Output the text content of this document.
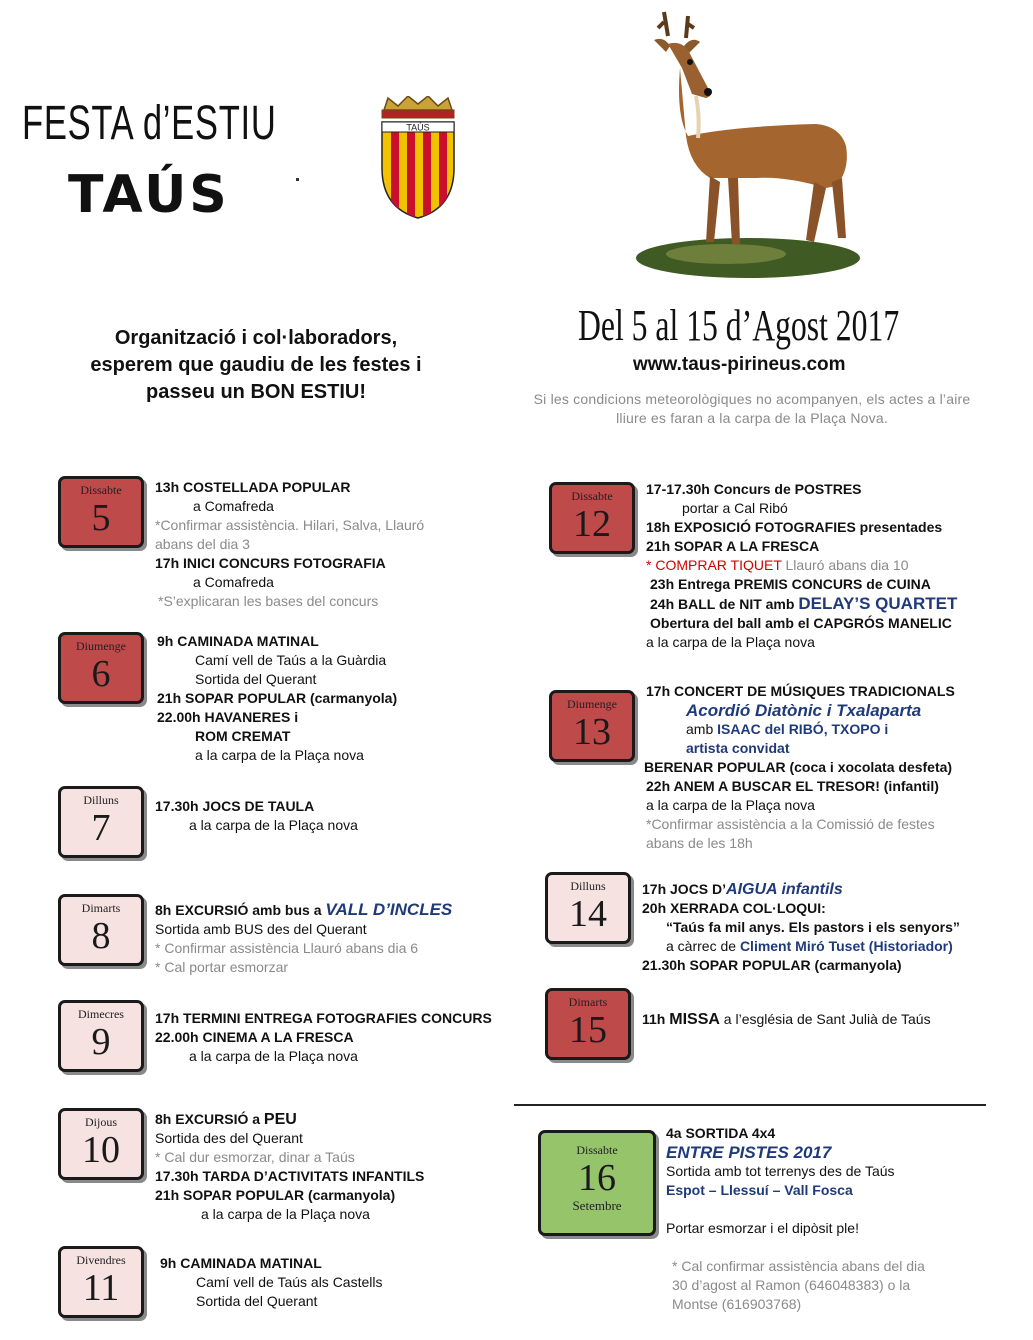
FESTA d’ESTIU
TAÚS
TAÚS
Del 5 al 15 d’Agost 2017
www.taus-pirineus.com
Si les condicions meteorològiques no acompanyen, els actes a l’aire lliure es faran a la carpa de la Plaça Nova.
Organització i col·laboradors,
esperem que gaudiu de les festes i
passeu un BON ESTIU!
Dissabte
5
13h COSTELLADA POPULAR
a Comafreda
*Confirmar assistència. Hilari, Salva, Llauró
abans del dia 3
17h INICI CONCURS FOTOGRAFIA
a Comafreda
*S’explicaran les bases del concurs
Diumenge
6
9h CAMINADA MATINAL
Camí vell de Taús a la Guàrdia
Sortida del Querant
21h SOPAR POPULAR (carmanyola)
22.00h HAVANERES i
ROM CREMAT
a la carpa de la Plaça nova
Dilluns
7
17.30h JOCS DE TAULA
a la carpa de la Plaça nova
Dimarts
8
8h EXCURSIÓ amb bus a VALL D’INCLES
Sortida amb BUS des del Querant
* Confirmar assistència Llauró abans dia 6
* Cal portar esmorzar
Dimecres
9
17h TERMINI ENTREGA FOTOGRAFIES CONCURS
22.00h CINEMA A LA FRESCA
a la carpa de la Plaça nova
Dijous
10
8h EXCURSIÓ a PEU
Sortida des del Querant
* Cal dur esmorzar, dinar a Taús
17.30h TARDA D’ACTIVITATS INFANTILS
21h SOPAR POPULAR (carmanyola)
a la carpa de la Plaça nova
Divendres
11
9h CAMINADA MATINAL
Camí vell de Taús als Castells
Sortida del Querant
Dissabte
12
17-17.30h Concurs de POSTRES
portar a Cal Ribó
18h EXPOSICIÓ FOTOGRAFIES presentades
21h SOPAR A LA FRESCA
* COMPRAR TIQUET Llauró abans dia 10
23h Entrega PREMIS CONCURS de CUINA
24h BALL de NIT amb DELAY’S QUARTET
Obertura del ball amb el CAPGRÓS MANELIC
a la carpa de la Plaça nova
Diumenge
13
17h CONCERT DE MÚSIQUES TRADICIONALS
Acordió Diatònic i Txalaparta
amb ISAAC del RIBÓ, TXOPO i
artista convidat
BERENAR POPULAR (coca i xocolata desfeta)
22h ANEM A BUSCAR EL TRESOR! (infantil)
a la carpa de la Plaça nova
*Confirmar assistència a la Comissió de festes
abans de les 18h
Dilluns
14
17h JOCS D’AIGUA infantils
20h XERRADA COL·LOQUI:
“Taús fa mil anys. Els pastors i els senyors”
a càrrec de Climent Miró Tuset (Historiador)
21.30h SOPAR POPULAR (carmanyola)
Dimarts
15	11h MISSA a l’església de Sant Julià de Taús
Dissabte
16
Setembre
4a SORTIDA 4x4
ENTRE PISTES 2017
Sortida amb tot terrenys des de Taús
Espot – Llessuí – Vall Fosca
Portar esmorzar i el dipòsit ple!
* Cal confirmar assistència abans del dia
30 d’agost al Ramon (646048383) o la
Montse (616903768)
